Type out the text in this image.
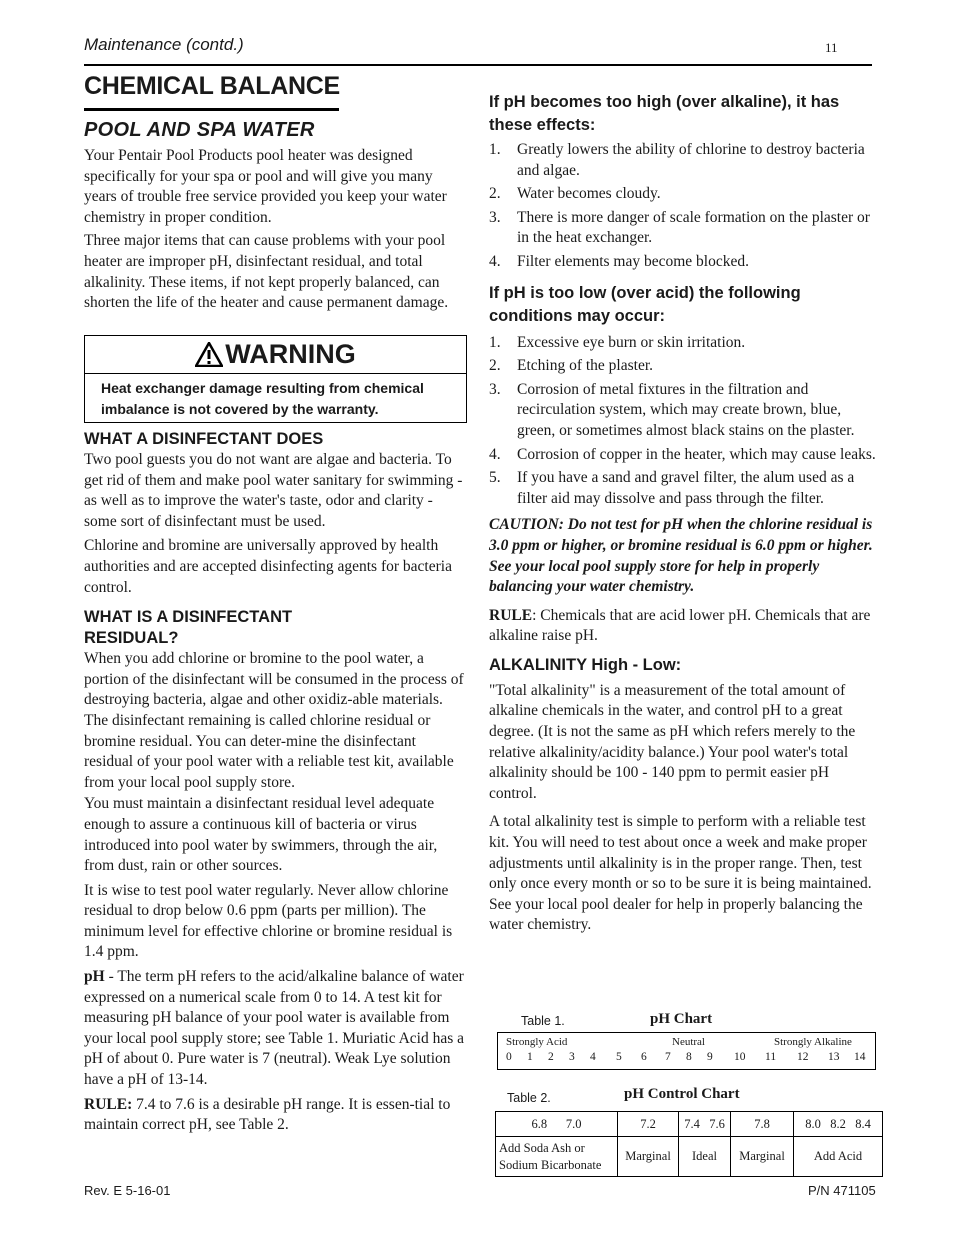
Maintenance (contd.)	11
CHEMICAL BALANCE
POOL AND SPA WATER

Your Pentair Pool Products pool heater was designed specifically for your spa or pool and will give you many years of trouble free service provided you keep your water chemistry in proper condition.

Three major items that can cause problems with your pool heater are improper pH, disinfectant residual, and total alkalinity. These items, if not kept properly balanced, can shorten the life of the heater and cause permanent damage.

WARNING
Heat exchanger damage resulting from chemical imbalance is not covered by the warranty.
WHAT A DISINFECTANT DOES

Two pool guests you do not want are algae and bacteria. To get rid of them and make pool water sanitary for swimming - as well as to improve the water's taste, odor and clarity - some sort of disinfectant must be used.

Chlorine and bromine are universally approved by health authorities and are accepted disinfecting agents for bacteria control.

WHAT IS A DISINFECTANT RESIDUAL?

When you add chlorine or bromine to the pool water, a portion of the disinfectant will be consumed in the process of destroying bacteria, algae and other oxidiz-able materials. The disinfectant remaining is called chlorine residual or bromine residual. You can deter-mine the disinfectant residual of your pool water with a reliable test kit, available from your local pool supply store.

You must maintain a disinfectant residual level adequate enough to assure a continuous kill of bacteria or virus introduced into pool water by swimmers, through the air, from dust, rain or other sources.

It is wise to test pool water regularly. Never allow chlorine residual to drop below 0.6 ppm (parts per million). The minimum level for effective chlorine or bromine residual is 1.4 ppm.

pH - The term pH refers to the acid/alkaline balance of water expressed on a numerical scale from 0 to 14. A test kit for measuring pH balance of your pool water is available from your local pool supply store; see Table 1. Muriatic Acid has a pH of about 0. Pure water is 7 (neutral). Weak Lye solution have a pH of 13-14.

RULE: 7.4 to 7.6 is a desirable pH range. It is essen-tial to maintain correct pH, see Table 2.

If pH becomes too high (over alkaline), it has these effects:
1. Greatly lowers the ability of chlorine to destroy bacteria and algae.
2. Water becomes cloudy.
3. There is more danger of scale formation on the plaster or in the heat exchanger.
4. Filter elements may become blocked.
If pH is too low (over acid) the following conditions may occur:
1. Excessive eye burn or skin irritation.
2. Etching of the plaster.
3. Corrosion of metal fixtures in the filtration and recirculation system, which may create brown, blue, green, or sometimes almost black stains on the plaster.
4. Corrosion of copper in the heater, which may cause leaks.
5. If you have a sand and gravel filter, the alum used as a filter aid may dissolve and pass through the filter.

CAUTION: Do not test for pH when the chlorine residual is 3.0 ppm or higher, or bromine residual is 6.0 ppm or higher. See your local pool supply store for help in properly balancing your water chemistry.

RULE: Chemicals that are acid lower pH. Chemicals that are alkaline raise pH.

ALKALINITY High - Low:

"Total alkalinity" is a measurement of the total amount of alkaline chemicals in the water, and control pH to a great degree. (It is not the same as pH which refers merely to the relative alkalinity/acidity balance.) Your pool water's total alkalinity should be 100 - 140 ppm to permit easier pH control.

A total alkalinity test is simple to perform with a reliable test kit. You will need to test about once a week and make proper adjustments until alkalinity is in the proper range. Then, test only once every month or so to be sure it is being maintained. See your local pool dealer for help in properly balancing the water chemistry.

Table 1.	pH Chart
Strongly Acid	Neutral	Strongly Alkaline
0 1 2 3 4 5 6 7 8 9 10 11 12 13 14
Table 2.	pH Control Chart
6.8      7.0	7.2	7.4   7.6	7.8	8.0   8.2   8.4
Add Soda Ash or Sodium Bicarbonate	Marginal	Ideal	Marginal	Add Acid
Rev. E 5-16-01	P/N 471105
